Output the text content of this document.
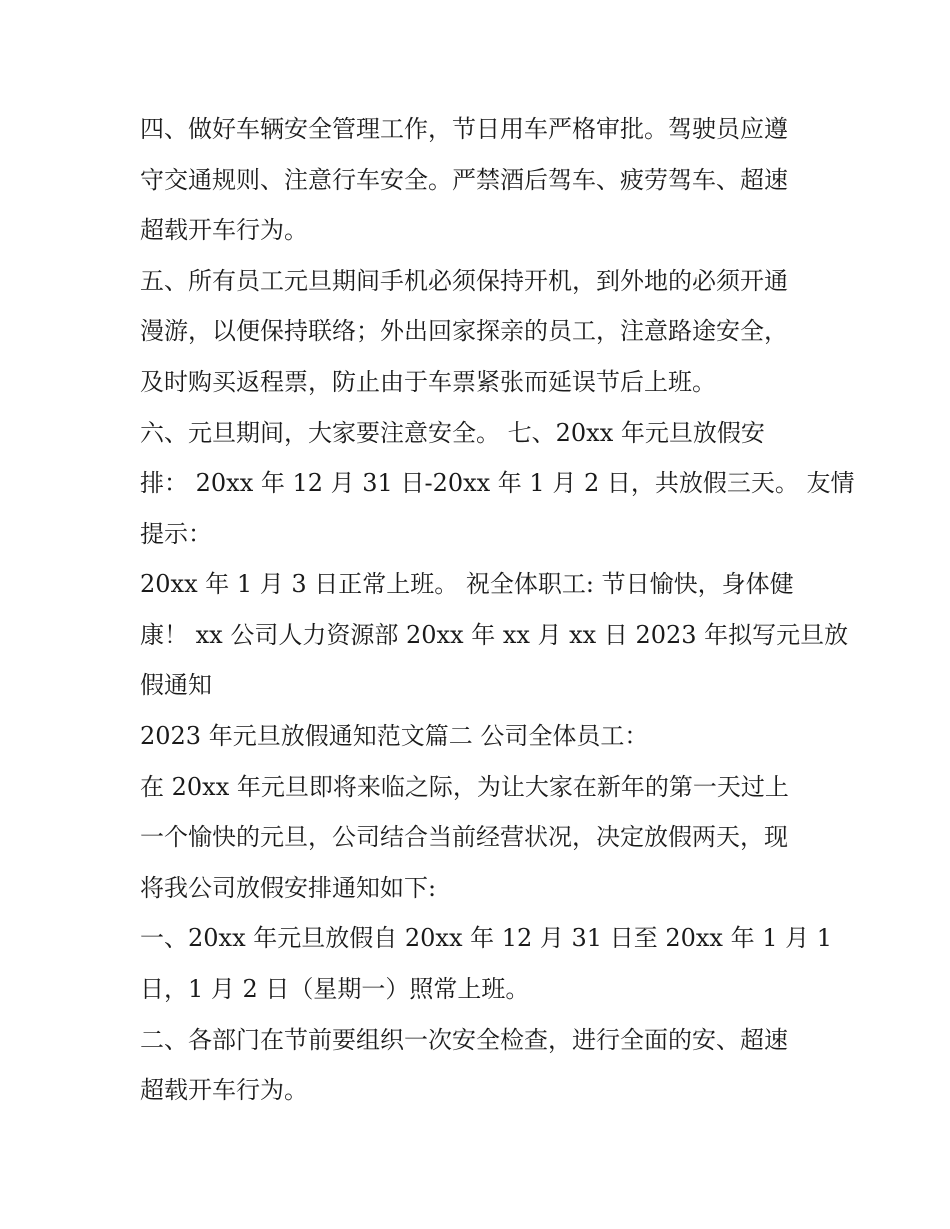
四、做好车辆安全管理工作，节日用车严格审批。驾驶员应遵
守交通规则、注意行车安全。严禁酒后驾车、疲劳驾车、超速
超载开车行为。
五、所有员工元旦期间手机必须保持开机，到外地的必须开通
漫游，以便保持联络；外出回家探亲的员工，注意路途安全，
及时购买返程票，防止由于车票紧张而延误节后上班。
六、元旦期间，大家要注意安全。 七、20xx 年元旦放假安
排： 20xx 年 12 月 31 日-20xx 年 1 月 2 日，共放假三天。 友情
提示：
20xx 年 1 月 3 日正常上班。 祝全体职工: 节日愉快，身体健
康！ xx 公司人力资源部 20xx 年 xx 月 xx 日 2023 年拟写元旦放
假通知
2023 年元旦放假通知范文篇二 公司全体员工：
在 20xx 年元旦即将来临之际，为让大家在新年的第一天过上
一个愉快的元旦，公司结合当前经营状况，决定放假两天，现
将我公司放假安排通知如下:
一、20xx 年元旦放假自 20xx 年 12 月 31 日至 20xx 年 1 月 1
日，1 月 2 日（星期一）照常上班。
二、各部门在节前要组织一次安全检查，进行全面的安、超速
超载开车行为。
